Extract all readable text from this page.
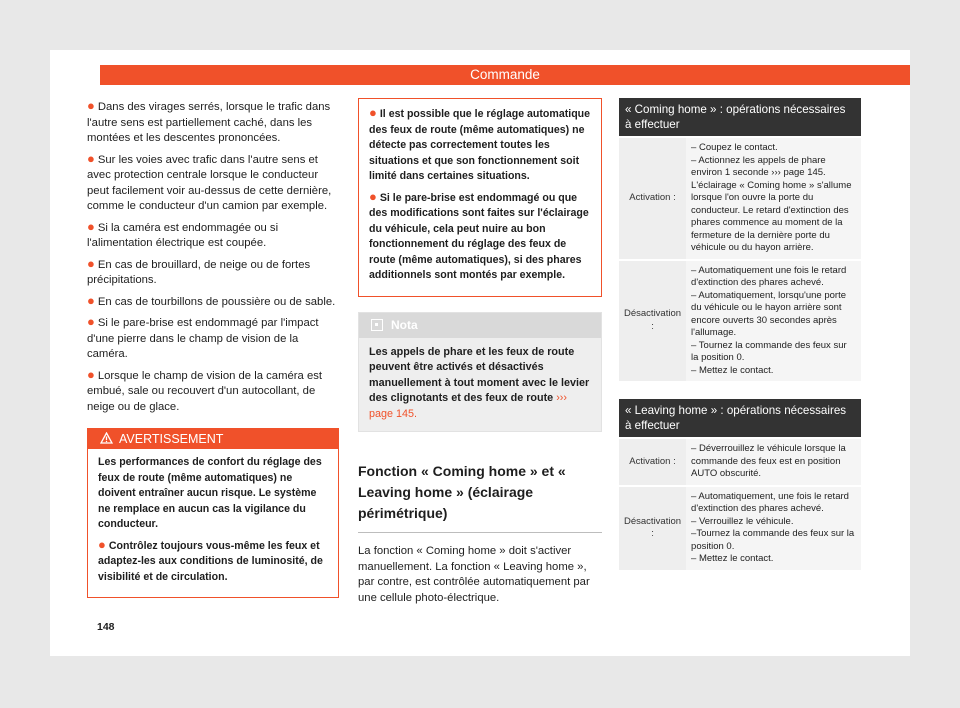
Commande
● Dans des virages serrés, lorsque le trafic dans l'autre sens est partiellement caché, dans les montées et les descentes prononcées.
● Sur les voies avec trafic dans l'autre sens et avec protection centrale lorsque le conducteur peut facilement voir au-dessus de cette dernière, comme le conducteur d'un camion par exemple.
● Si la caméra est endommagée ou si l'alimentation électrique est coupée.
● En cas de brouillard, de neige ou de fortes précipitations.
● En cas de tourbillons de poussière ou de sable.
● Si le pare-brise est endommagé par l'impact d'une pierre dans le champ de vision de la caméra.
● Lorsque le champ de vision de la caméra est embué, sale ou recouvert d'un autocollant, de neige ou de glace.
AVERTISSEMENT
Les performances de confort du réglage des feux de route (même automatiques) ne doivent entraîner aucun risque. Le système ne remplace en aucun cas la vigilance du conducteur.
● Contrôlez toujours vous-même les feux et adaptez-les aux conditions de luminosité, de visibilité et de circulation.
● Il est possible que le réglage automatique des feux de route (même automatiques) ne détecte pas correctement toutes les situations et que son fonctionnement soit limité dans certaines situations.
● Si le pare-brise est endommagé ou que des modifications sont faites sur l'éclairage du véhicule, cela peut nuire au bon fonctionnement du réglage des feux de route (même automatiques), si des phares additionnels sont montés par exemple.
Nota
Les appels de phare et les feux de route peuvent être activés et désactivés manuellement à tout moment avec le levier des clignotants et des feux de route ››› page 145.
Fonction « Coming home » et « Leaving home » (éclairage périmétrique)

La fonction « Coming home » doit s'activer manuellement. La fonction « Leaving home », par contre, est contrôlée automatiquement par une cellule photo-électrique.

« Coming home » : opérations nécessaires à effectuer	
Activation :	– Coupez le contact.
– Actionnez les appels de phare environ 1 seconde ››› page 145.
L'éclairage « Coming home » s'allume lorsque l'on ouvre la porte du conducteur. Le retard d'extinction des phares commence au moment de la fermeture de la dernière porte du véhicule ou du hayon arrière.

Désactivation :	– Automatiquement une fois le retard d'extinction des phares achevé.
– Automatiquement, lorsqu'une porte du véhicule ou le hayon arrière sont encore ouverts 30 secondes après l'allumage.
– Tournez la commande des feux sur la position 0.
– Mettez le contact.
« Leaving home » : opérations nécessaires à effectuer	
Activation :	– Déverrouillez le véhicule lorsque la commande des feux est en position AUTO obscurité.

Désactivation :	– Automatiquement, une fois le retard d'extinction des phares achevé.
– Verrouillez le véhicule.
–Tournez la commande des feux sur la position 0.
– Mettez le contact.
148
